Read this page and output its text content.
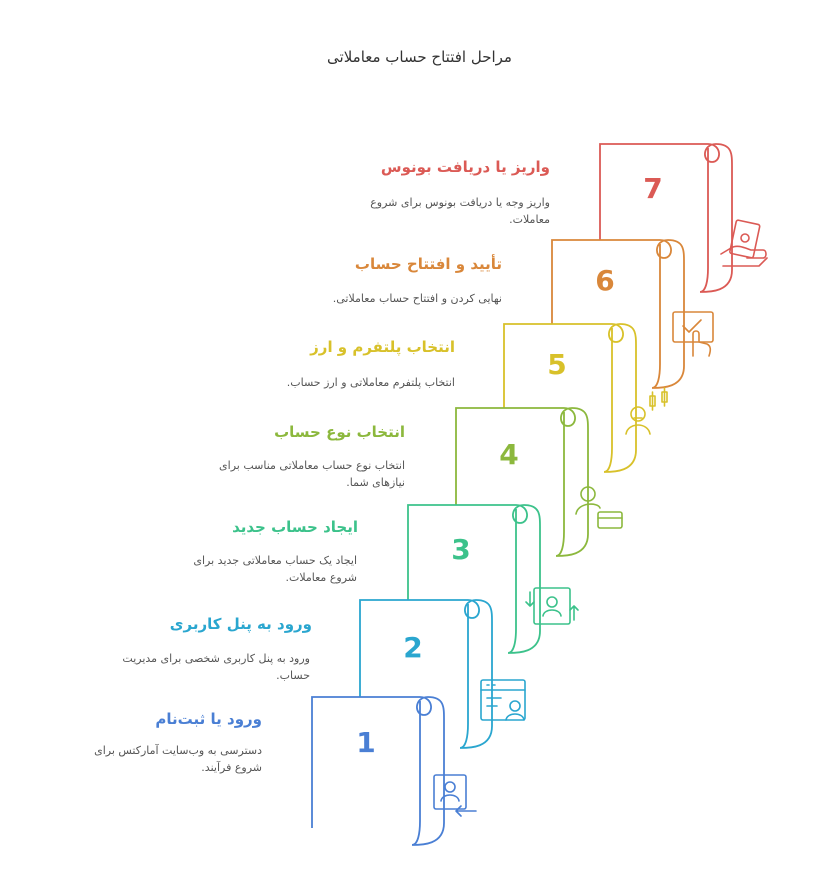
مراحل افتتاح حساب معاملاتی
7
6
5
4
3
2
1
ورود یا ثبت‌نام
دسترسی به وب‌سایت آمارکتس برای شروع فرآیند.
ورود به پنل کاربری
ورود به پنل کاربری شخصی برای مدیریت حساب.
ایجاد حساب جدید
ایجاد یک حساب معاملاتی جدید برای شروع معاملات.
انتخاب نوع حساب
انتخاب نوع حساب معاملاتی مناسب برای نیازهای شما.
انتخاب پلتفرم و ارز
انتخاب پلتفرم معاملاتی و ارز حساب.
تأیید و افتتاح حساب
نهایی کردن و افتتاح حساب معاملاتی.
واریز یا دریافت بونوس
واریز وجه یا دریافت بونوس برای شروع معاملات.
